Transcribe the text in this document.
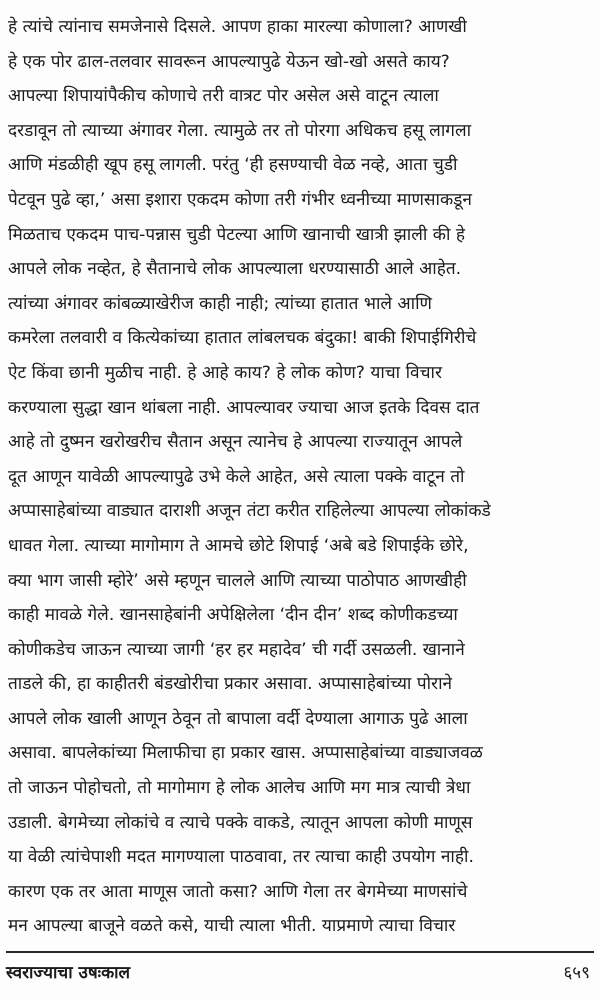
हे त्यांचे त्यांनाच समजेनासे दिसले. आपण हाका मारल्या कोणाला? आणखी
हे एक पोर ढाल-तलवार सावरून आपल्यापुढे येऊन खो-खो असते काय?
आपल्या शिपायांपैकीच कोणाचे तरी वात्रट पोर असेल असे वाटून त्याला
दरडावून तो त्याच्या अंगावर गेला. त्यामुळे तर तो पोरगा अधिकच हसू लागला
आणि मंडळीही खूप हसू लागली. परंतु ‘ही हसण्याची वेळ नव्हे, आता चुडी
पेटवून पुढे व्हा,’ असा इशारा एकदम कोणा तरी गंभीर ध्वनीच्या माणसाकडून
मिळताच एकदम पाच-पन्नास चुडी पेटल्या आणि खानाची खात्री झाली की हे
आपले लोक नव्हेत, हे सैतानाचे लोक आपल्याला धरण्यासाठी आले आहेत.
त्यांच्या अंगावर कांबळ्याखेरीज काही नाही; त्यांच्या हातात भाले आणि
कमरेला तलवारी व कित्येकांच्या हातात लांबलचक बंदुका! बाकी शिपाईगिरीचे
ऐट किंवा छानी मुळीच नाही. हे आहे काय? हे लोक कोण? याचा विचार
करण्याला सुद्धा खान थांबला नाही. आपल्यावर ज्याचा आज इतके दिवस दात
आहे तो दुष्मन खरोखरीच सैतान असून त्यानेच हे आपल्या राज्यातून आपले
दूत आणून यावेळी आपल्यापुढे उभे केले आहेत, असे त्याला पक्के वाटून तो
अप्पासाहेबांच्या वाड्यात दाराशी अजून तंटा करीत राहिलेल्या आपल्या लोकांकडे
धावत गेला. त्याच्या मागोमाग ते आमचे छोटे शिपाई ‘अबे बडे शिपाईके छोरे,
क्या भाग जासी म्होरे’ असे म्हणून चालले आणि त्याच्या पाठोपाठ आणखीही
काही मावळे गेले. खानसाहेबांनी अपेक्षिलेला ‘दीन दीन’ शब्द कोणीकडच्या
कोणीकडेच जाऊन त्याच्या जागी ‘हर हर महादेव’ ची गर्दी उसळली. खानाने
ताडले की, हा काहीतरी बंडखोरीचा प्रकार असावा. अप्पासाहेबांच्या पोराने
आपले लोक खाली आणून ठेवून तो बापाला वर्दी देण्याला आगाऊ पुढे आला
असावा. बापलेकांच्या मिलाफीचा हा प्रकार खास. अप्पासाहेबांच्या वाड्याजवळ
तो जाऊन पोहोचतो, तो मागोमाग हे लोक आलेच आणि मग मात्र त्याची त्रेधा
उडाली. बेगमेच्या लोकांचे व त्याचे पक्के वाकडे, त्यातून आपला कोणी माणूस
या वेळी त्यांचेपाशी मदत मागण्याला पाठवावा, तर त्याचा काही उपयोग नाही.
कारण एक तर आता माणूस जातो कसा? आणि गेला तर बेगमेच्या माणसांचे
मन आपल्या बाजूने वळते कसे, याची त्याला भीती. याप्रमाणे त्याचा विचार
स्वराज्याचा उषःकाल	६५९
